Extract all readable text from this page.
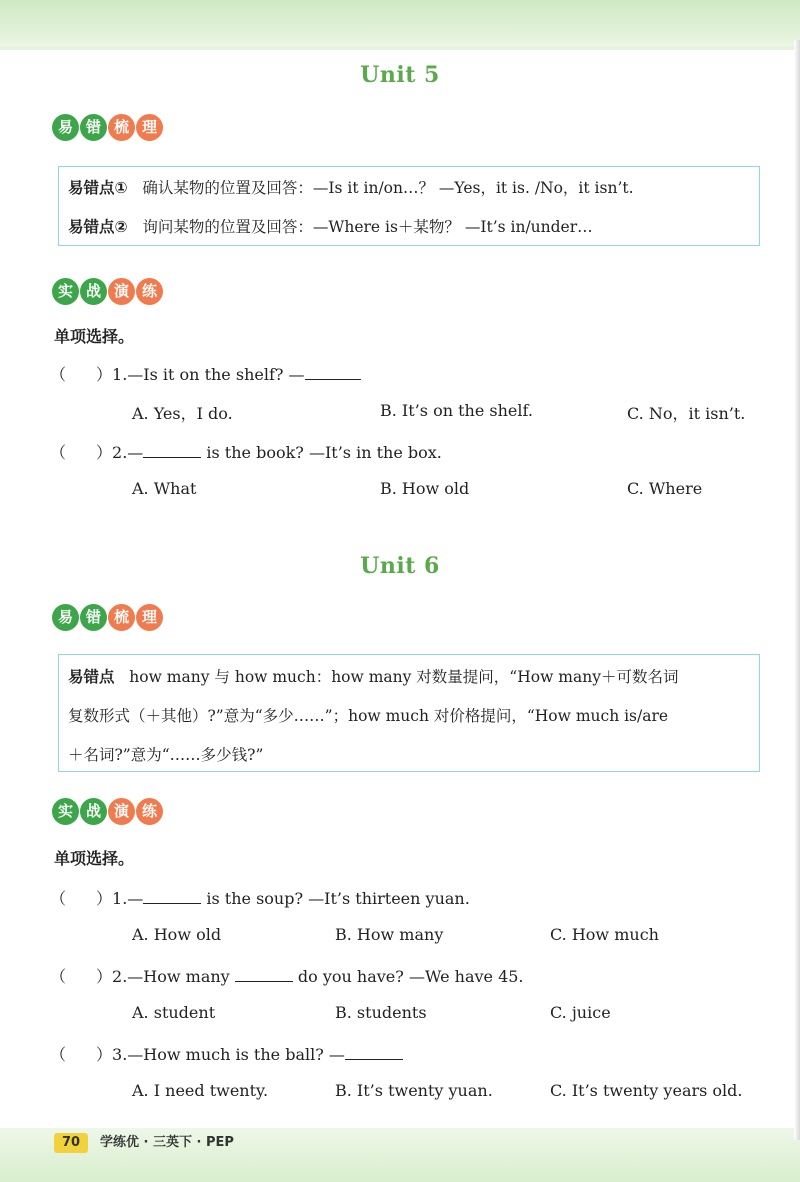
Unit 5
易 错 梳 理
易错点① 确认某物的位置及回答：—Is it in/on…？ —Yes，it is. /No，it isn’t.
易错点② 询问某物的位置及回答：—Where is＋某物？ —It’s in/under…
实 战 演 练
单项选择。
（ ）1.—Is it on the shelf? —
A. Yes，I do.	B. It’s on the shelf.	C. No，it isn’t.
（ ）2.—	is the book? —It’s in the box.
A. What	B. How old	C. Where
Unit 6
易 错 梳 理
易错点 how many 与 how much：how many 对数量提问，“How many＋可数名词
复数形式（＋其他）?”意为“多少……”；how much 对价格提问，“How much is/are
＋名词?”意为“……多少钱?”
实 战 演 练
单项选择。
（ ）1.—	is the soup? —It’s thirteen yuan.
A. How old	B. How many	C. How much
（ ）2.—How many	do you have? —We have 45.
A. student	B. students	C. juice
（ ）3.—How much is the ball? —
A. I need twenty.	B. It’s twenty yuan.	C. It’s twenty years old.
70	学练优 · 三英下 · PEP
